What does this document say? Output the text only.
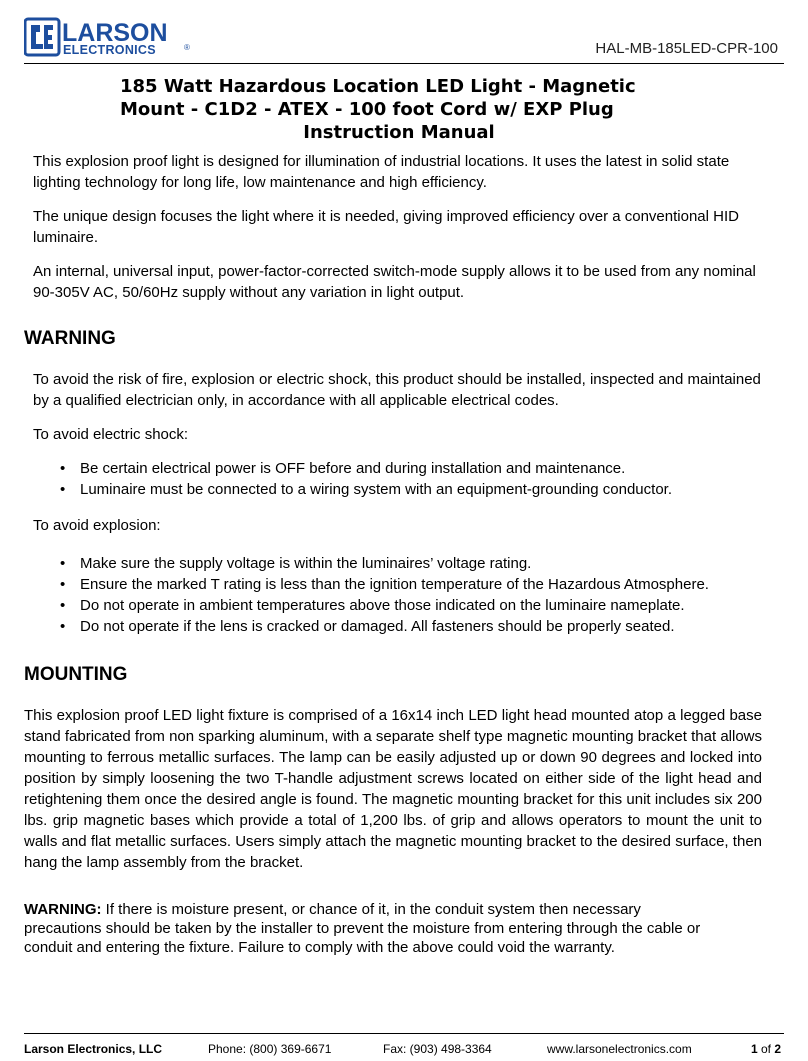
LARSON
ELECTRONICS	®	HAL-MB-185LED-CPR-100
185 Watt Hazardous Location LED Light - Magnetic
Mount - C1D2 - ATEX - 100 foot Cord w/ EXP Plug
Instruction Manual

This explosion proof light is designed for illumination of industrial locations. It uses the latest in solid state lighting technology for long life, low maintenance and high efficiency.

The unique design focuses the light where it is needed, giving improved efficiency over a conventional HID luminaire.

An internal, universal input, power-factor-corrected switch-mode supply allows it to be used from any nominal 90-305V AC, 50/60Hz supply without any variation in light output.

WARNING

To avoid the risk of fire, explosion or electric shock, this product should be installed, inspected and maintained by a qualified electrician only, in accordance with all applicable electrical codes.

To avoid electric shock:

• Be certain electrical power is OFF before and during installation and maintenance.
• Luminaire must be connected to a wiring system with an equipment-grounding conductor.

To avoid explosion:

• Make sure the supply voltage is within the luminaires’ voltage rating.
• Ensure the marked T rating is less than the ignition temperature of the Hazardous Atmosphere.
• Do not operate in ambient temperatures above those indicated on the luminaire nameplate.
• Do not operate if the lens is cracked or damaged. All fasteners should be properly seated.
MOUNTING

This explosion proof LED light fixture is comprised of a 16x14 inch LED light head mounted atop a legged base stand fabricated from non sparking aluminum, with a separate shelf type magnetic mounting bracket that allows mounting to ferrous metallic surfaces. The lamp can be easily adjusted up or down 90 degrees and locked into position by simply loosening the two T-handle adjustment screws located on either side of the light head and retightening them once the desired angle is found. The magnetic mounting bracket for this unit includes six 200 lbs. grip magnetic bases which provide a total of 1,200 lbs. of grip and allows operators to mount the unit to walls and flat metallic surfaces. Users simply attach the magnetic mounting bracket to the desired surface, then hang the lamp assembly from the bracket.

WARNING: If there is moisture present, or chance of it, in the conduit system then necessary
precautions should be taken by the installer to prevent the moisture from entering through the cable or
conduit and entering the fixture. Failure to comply with the above could void the warranty.
Larson Electronics, LLC	Phone: (800) 369-6671	Fax: (903) 498-3364	www.larsonelectronics.com	1 of 2
